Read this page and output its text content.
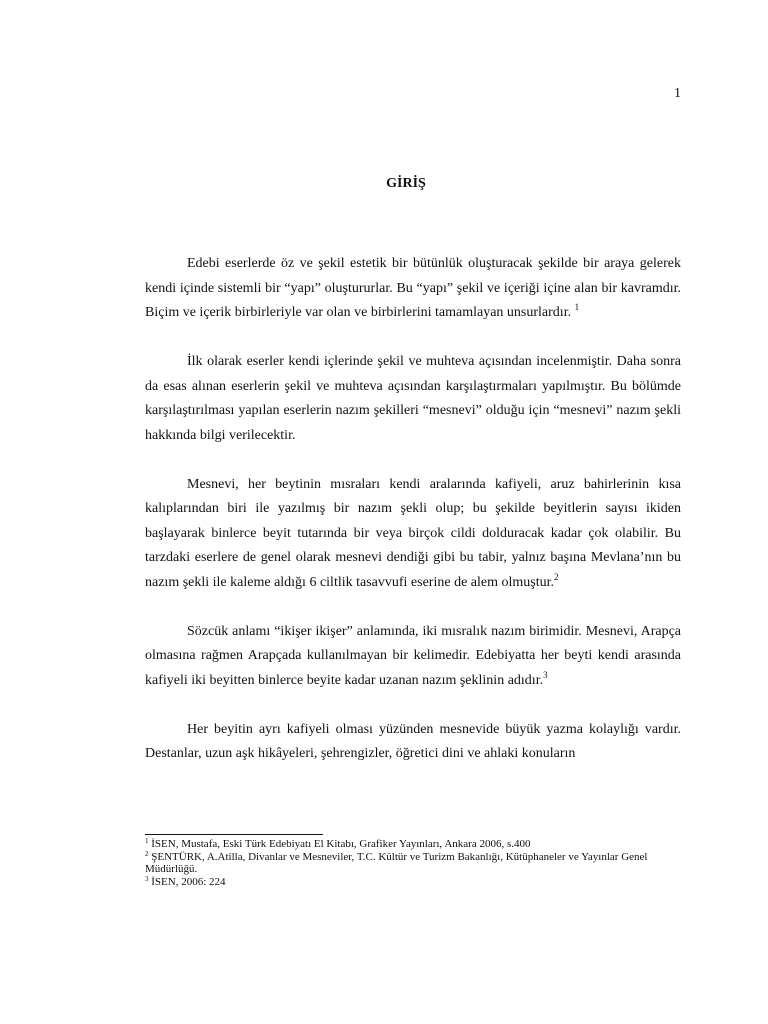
1
GİRİŞ

Edebi eserlerde öz ve şekil estetik bir bütünlük oluşturacak şekilde bir araya gelerek kendi içinde sistemli bir “yapı” oluştururlar. Bu “yapı” şekil ve içeriği içine alan bir kavramdır. Biçim ve içerik birbirleriyle var olan ve birbirlerini tamamlayan unsurlardır. $^1$

İlk olarak eserler kendi içlerinde şekil ve muhteva açısından incelenmiştir. Daha sonra da esas alınan eserlerin şekil ve muhteva açısından karşılaştırmaları yapılmıştır. Bu bölümde karşılaştırılması yapılan eserlerin nazım şekilleri “mesnevi” olduğu için “mesnevi” nazım şekli hakkında bilgi verilecektir.

Mesnevi, her beytinin mısraları kendi aralarında kafiyeli, aruz bahirlerinin kısa kalıplarından biri ile yazılmış bir nazım şekli olup; bu şekilde beyitlerin sayısı ikiden başlayarak binlerce beyit tutarında bir veya birçok cildi dolduracak kadar çok olabilir. Bu tarzdaki eserlere de genel olarak mesnevi dendiği gibi bu tabir, yalnız başına Mevlana’nın bu nazım şekli ile kaleme aldığı 6 ciltlik tasavvufi eserine de alem olmuştur.$^2$

Sözcük anlamı “ikişer ikişer” anlamında, iki mısralık nazım birimidir. Mesnevi, Arapça olmasına rağmen Arapçada kullanılmayan bir kelimedir. Edebiyatta her beyti kendi arasında kafiyeli iki beyitten binlerce beyite kadar uzanan nazım şeklinin adıdır.$^3$

Her beyitin ayrı kafiyeli olması yüzünden mesnevide büyük yazma kolaylığı vardır. Destanlar, uzun aşk hikâyeleri, şehrengizler, öğretici dini ve ahlaki konuların

$^1$ İSEN, Mustafa, Eski Türk Edebiyatı El Kitabı, Grafiker Yayınları, Ankara 2006, s.400
$^2$ ŞENTÜRK, A.Atilla, Divanlar ve Mesneviler, T.C. Kültür ve Turizm Bakanlığı, Kütüphaneler ve Yayınlar Genel Müdürlüğü.
$^3$ İSEN, 2006: 224
